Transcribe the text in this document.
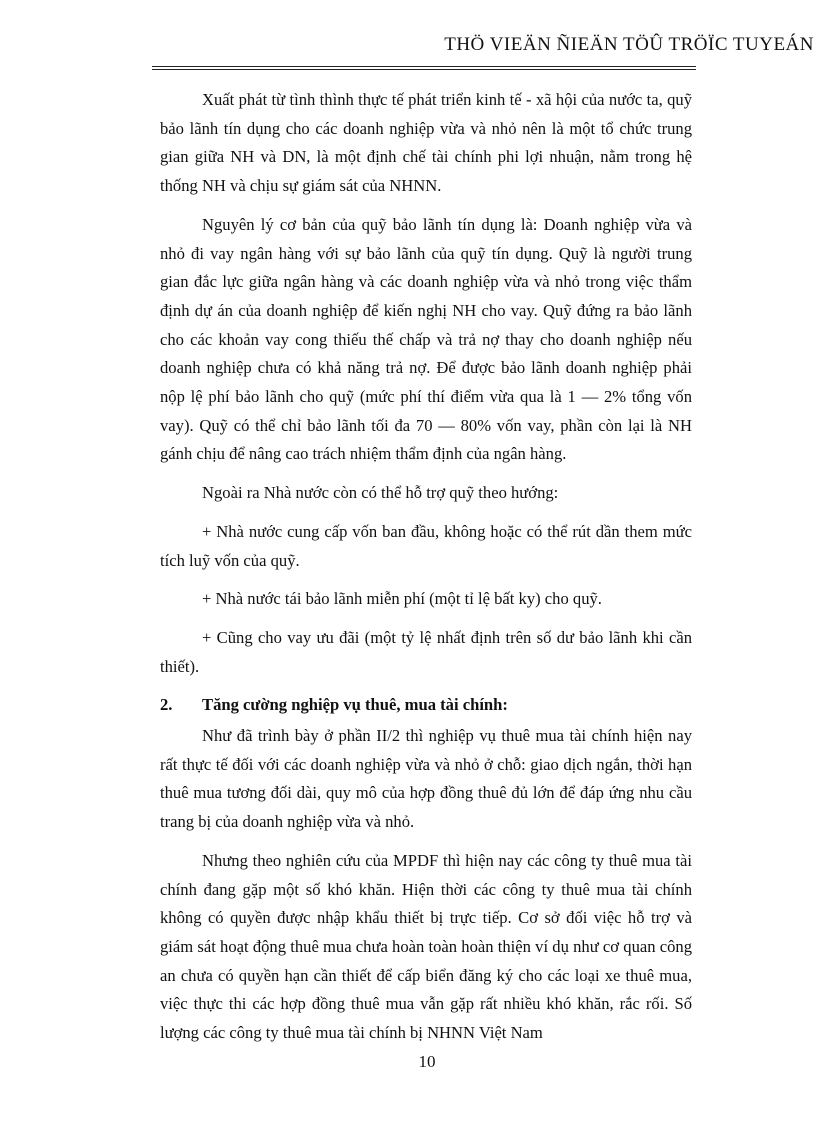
THÖ VIEÄN ÑIEÄN TÖÛ TRÖÏC TUYEÁN

Xuất phát từ tình thình thực tế phát triển kinh tế - xã hội của nước ta, quỹ bảo lãnh tín dụng cho các doanh nghiệp vừa và nhỏ nên là một tổ chức trung gian giữa NH và DN, là một định chế tài chính phi lợi nhuận, nằm trong hệ thống NH và chịu sự giám sát của NHNN.

Nguyên lý cơ bản của quỹ bảo lãnh tín dụng là: Doanh nghiệp vừa và nhỏ đi vay ngân hàng với sự bảo lãnh của quỹ tín dụng. Quỹ là người trung gian đắc lực giữa ngân hàng và các doanh nghiệp vừa và nhỏ trong việc thẩm định dự án của doanh nghiệp để kiến nghị NH cho vay. Quỹ đứng ra bảo lãnh cho các khoản vay cong thiếu thế chấp và trả nợ thay cho doanh nghiệp nếu doanh nghiệp chưa có khả năng trả nợ. Để được bảo lãnh doanh nghiệp phải nộp lệ phí bảo lãnh cho quỹ (mức phí thí điểm vừa qua là 1 — 2% tổng vốn vay). Quỹ có thể chỉ bảo lãnh tối đa 70 — 80% vốn vay, phần còn lại là NH gánh chịu để nâng cao trách nhiệm thẩm định của ngân hàng.

Ngoài ra Nhà nước còn có thể hỗ trợ quỹ theo hướng:

+ Nhà nước cung cấp vốn ban đầu, không hoặc có thể rút dần them mức tích luỹ vốn của quỹ.

+ Nhà nước tái bảo lãnh miễn phí (một tỉ lệ bất ky) cho quỹ.

+ Cũng cho vay ưu đãi (một tỷ lệ nhất định trên số dư bảo lãnh khi cần thiết).

2.	Tăng cường nghiệp vụ thuê, mua tài chính:

Như đã trình bày ở phần II/2 thì nghiệp vụ thuê mua tài chính hiện nay rất thực tế đối với các doanh nghiệp vừa và nhỏ ở chỗ: giao dịch ngắn, thời hạn thuê mua tương đối dài, quy mô của hợp đồng thuê đủ lớn để đáp ứng nhu cầu trang bị của doanh nghiệp vừa và nhỏ.

Nhưng theo nghiên cứu của MPDF thì hiện nay các công ty thuê mua tài chính đang gặp một số khó khăn. Hiện thời các công ty thuê mua tài chính không có quyền được nhập khẩu thiết bị trực tiếp. Cơ sở đối việc hỗ trợ và giám sát hoạt động thuê mua chưa hoàn toàn hoàn thiện ví dụ như cơ quan công an chưa có quyền hạn cần thiết để cấp biển đăng ký cho các loại xe thuê mua, việc thực thi các hợp đồng thuê mua vẫn gặp rất nhiều khó khăn, rắc rối. Số lượng các công ty thuê mua tài chính bị NHNN Việt Nam

10
